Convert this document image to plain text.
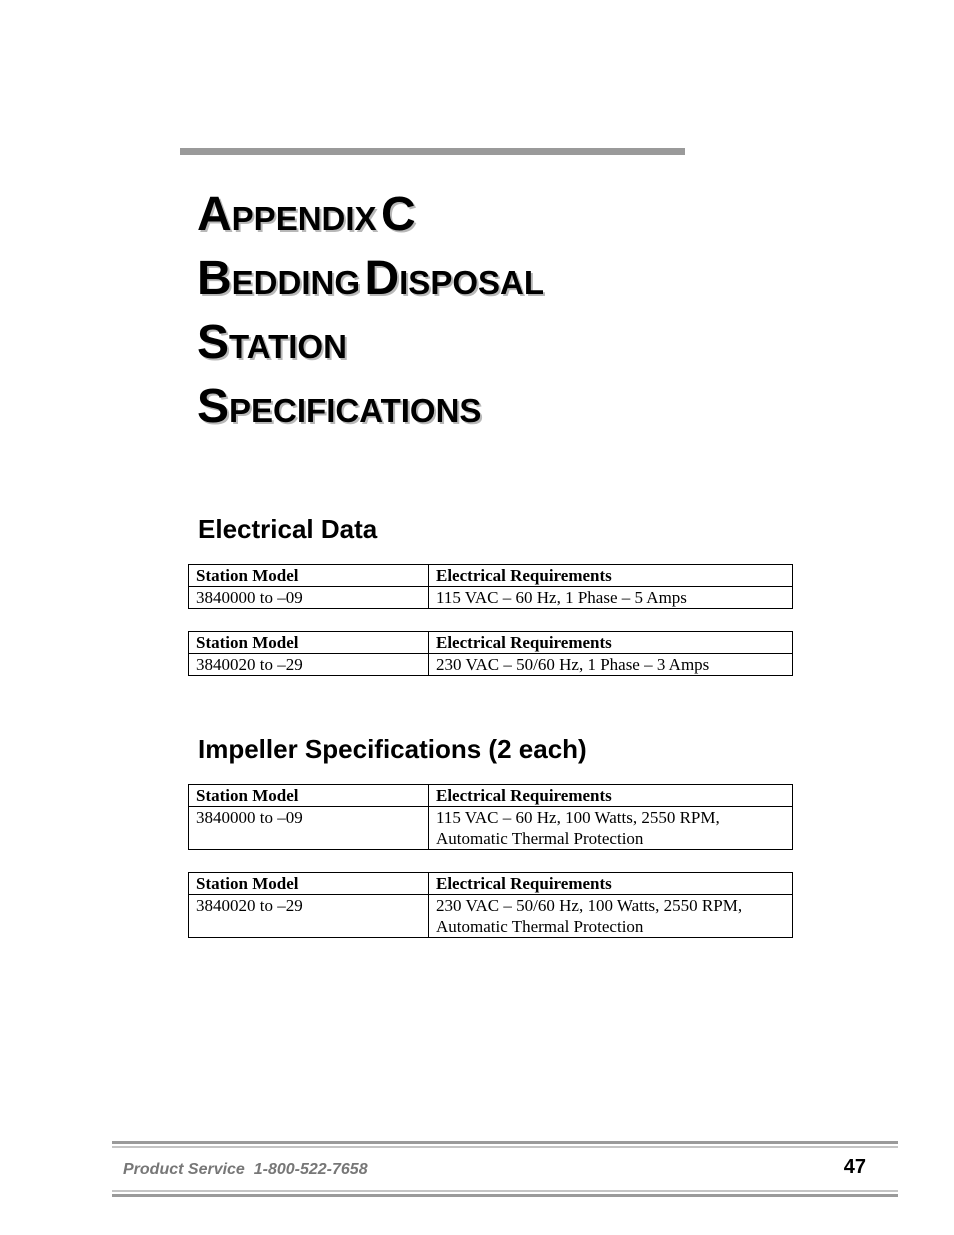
APPENDIX C
BEDDING DISPOSAL
STATION
SPECIFICATIONS
Electrical Data
Station Model	Electrical Requirements
3840000 to –09	115 VAC – 60 Hz, 1 Phase – 5 Amps
Station Model	Electrical Requirements
3840020 to –29	230 VAC – 50/60 Hz, 1 Phase – 3 Amps
Impeller Specifications (2 each)
Station Model	Electrical Requirements
3840000 to –09	115 VAC – 60 Hz, 100 Watts, 2550 RPM, Automatic Thermal Protection
Station Model	Electrical Requirements
3840020 to –29	230 VAC – 50/60 Hz, 100 Watts, 2550 RPM, Automatic Thermal Protection
Product Service  1-800-522-7658	47
